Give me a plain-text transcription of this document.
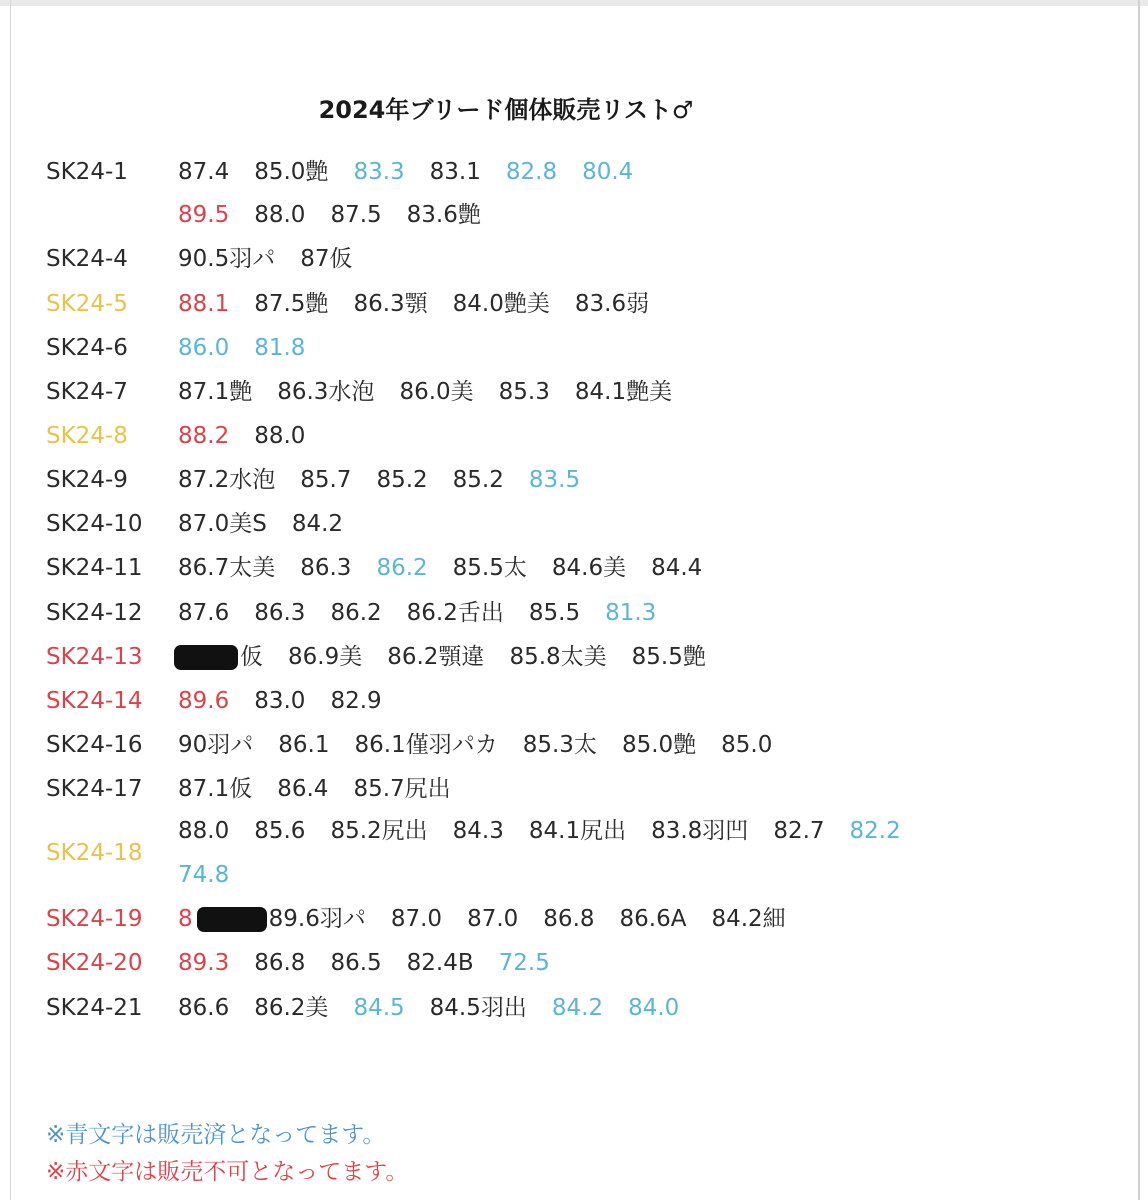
2024年ブリード個体販売リスト♂
SK24-1 87.4 85.0艶 83.3 83.1 82.8 80.4
89.5 88.0 87.5 83.6艶
SK24-4 90.5羽パ 87仮
SK24-5 88.1 87.5艶 86.3顎 84.0艶美 83.6弱
SK24-6 86.0 81.8
SK24-7 87.1艶 86.3水泡 86.0美 85.3 84.1艶美
SK24-8 88.2 88.0
SK24-9 87.2水泡 85.7 85.2 85.2 83.5
SK24-10 87.0美S 84.2
SK24-11 86.7太美 86.3 86.2 85.5太 84.6美 84.4
SK24-12 87.6 86.3 86.2 86.2舌出 85.5 81.3
SK24-13	仮 86.9美 86.2顎違 85.8太美 85.5艶
SK24-14 89.6 83.0 82.9
SK24-16 90羽パ 86.1 86.1僅羽パカ 85.3太 85.0艶 85.0
SK24-17 87.1仮 86.4 85.7尻出
SK24-18
88.0 85.6 85.2尻出 84.3 84.1尻出 83.8羽凹 82.7 82.2
74.8
SK24-19 8	89.6羽パ 87.0 87.0 86.8 86.6A 84.2細
SK24-20 89.3 86.8 86.5 82.4B 72.5
SK24-21 86.6 86.2美 84.5 84.5羽出 84.2 84.0
※青文字は販売済となってます。
※赤文字は販売不可となってます。
